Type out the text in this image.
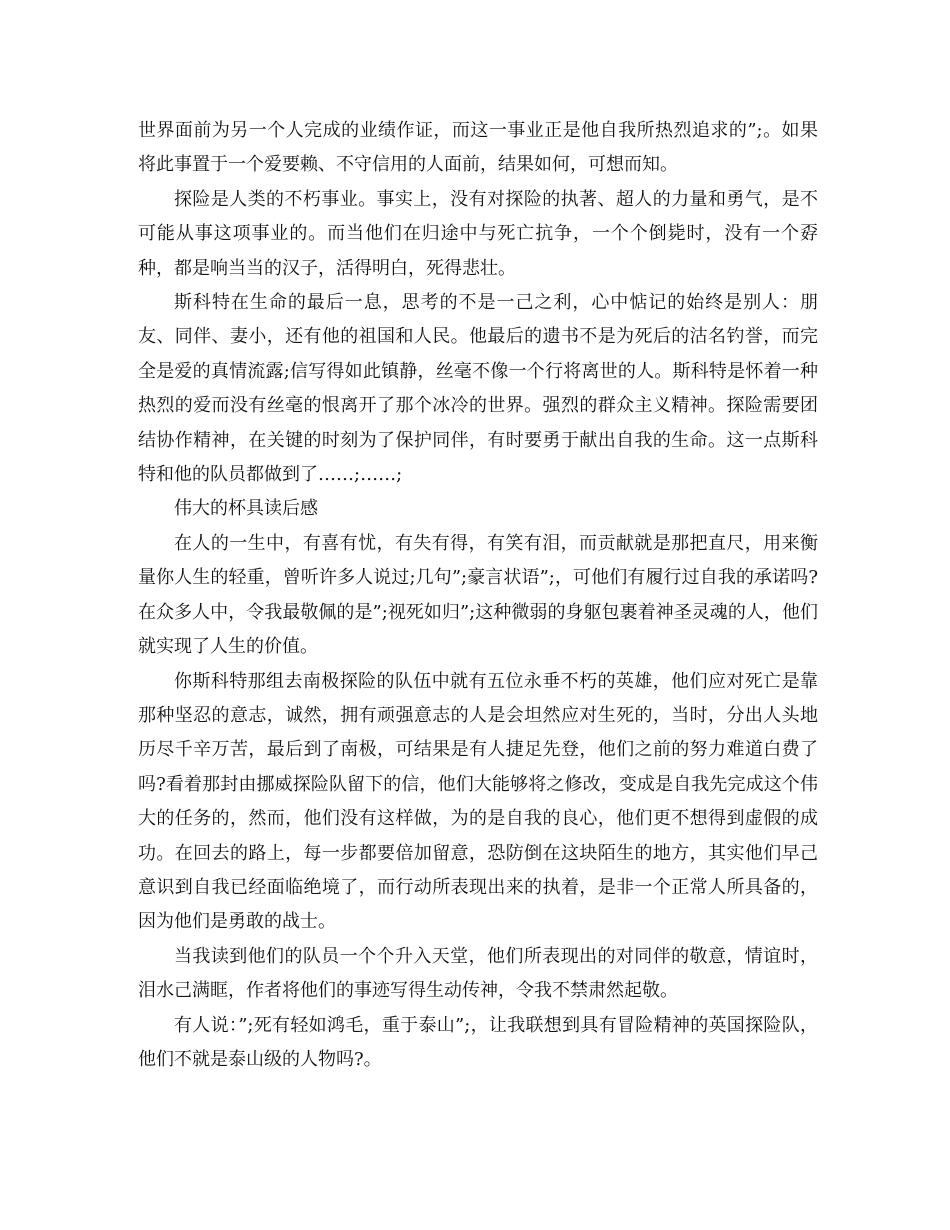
世界面前为另一个人完成的业绩作证，而这一事业正是他自我所热烈追求的”;。如果将此事置于一个爱要赖、不守信用的人面前，结果如何，可想而知。

探险是人类的不朽事业。事实上，没有对探险的执著、超人的力量和勇气，是不可能从事这项事业的。而当他们在归途中与死亡抗争，一个个倒毙时，没有一个孬种，都是响当当的汉子，活得明白，死得悲壮。

斯科特在生命的最后一息，思考的不是一己之利，心中惦记的始终是别人：朋友、同伴、妻小，还有他的祖国和人民。他最后的遗书不是为死后的沽名钓誉，而完全是爱的真情流露;信写得如此镇静，丝毫不像一个行将离世的人。斯科特是怀着一种热烈的爱而没有丝毫的恨离开了那个冰冷的世界。强烈的群众主义精神。探险需要团结协作精神，在关键的时刻为了保护同伴，有时要勇于献出自我的生命。这一点斯科特和他的队员都做到了……;……;

伟大的杯具读后感

在人的一生中，有喜有忧，有失有得，有笑有泪，而贡献就是那把直尺，用来衡量你人生的轻重，曾听许多人说过;几句”;豪言状语”;，可他们有履行过自我的承诺吗?在众多人中，令我最敬佩的是”;视死如归”;这种微弱的身躯包裹着神圣灵魂的人，他们就实现了人生的价值。

你斯科特那组去南极探险的队伍中就有五位永垂不朽的英雄，他们应对死亡是靠那种坚忍的意志，诚然，拥有顽强意志的人是会坦然应对生死的，当时，分出人头地历尽千辛万苦，最后到了南极，可结果是有人捷足先登，他们之前的努力难道白费了吗?看着那封由挪威探险队留下的信，他们大能够将之修改，变成是自我先完成这个伟大的任务的，然而，他们没有这样做，为的是自我的良心，他们更不想得到虚假的成功。在回去的路上，每一步都要倍加留意，恐防倒在这块陌生的地方，其实他们早己意识到自我已经面临绝境了，而行动所表现出来的执着，是非一个正常人所具备的，因为他们是勇敢的战士。

当我读到他们的队员一个个升入天堂，他们所表现出的对同伴的敬意，情谊时，泪水己满眶，作者将他们的事迹写得生动传神，令我不禁肃然起敬。

有人说：”;死有轻如鸿毛，重于泰山”;，让我联想到具有冒险精神的英国探险队，他们不就是泰山级的人物吗?。
